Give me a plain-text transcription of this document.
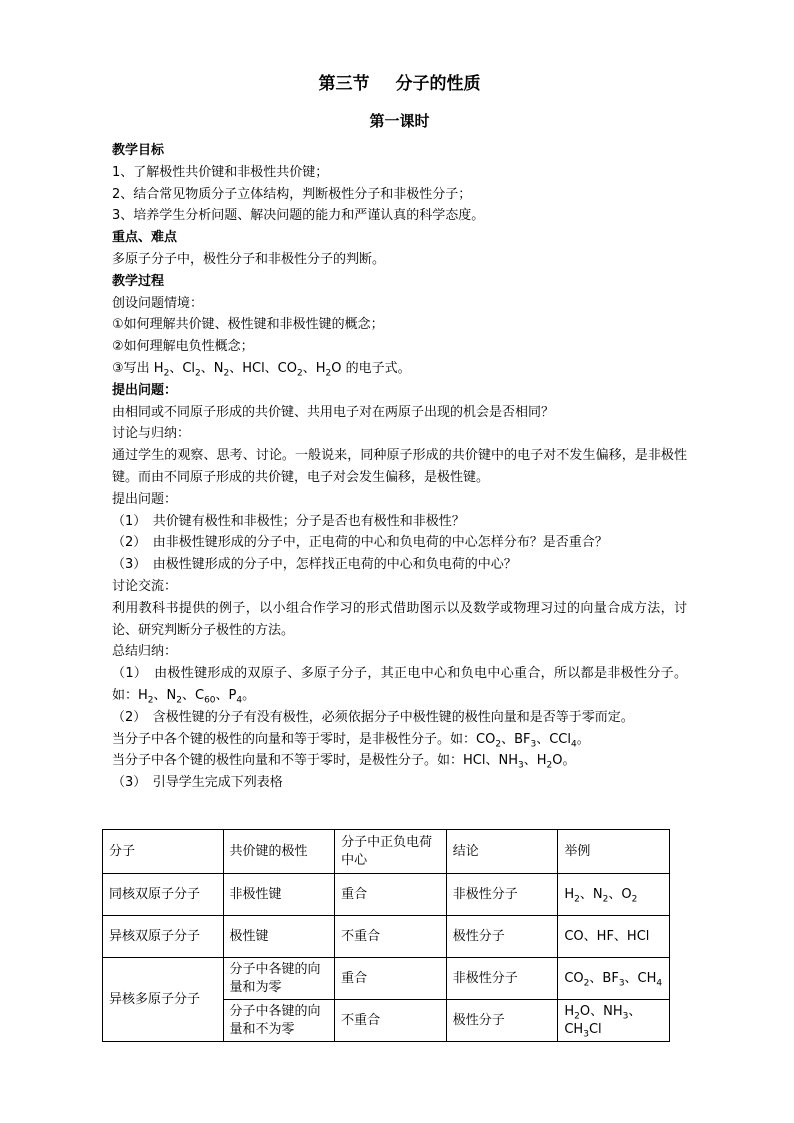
第三节 分子的性质
第一课时
教学目标
1、了解极性共价键和非极性共价键；
2、结合常见物质分子立体结构，判断极性分子和非极性分子；
3、培养学生分析问题、解决问题的能力和严谨认真的科学态度。
重点、难点
多原子分子中，极性分子和非极性分子的判断。
教学过程
创设问题情境：
①如何理解共价键、极性键和非极性键的概念；
②如何理解电负性概念；
③写出 $H_2$、$Cl_2$、$N_2$、HCl、$CO_2$、$H_2O$ 的电子式。
提出问题：
由相同或不同原子形成的共价键、共用电子对在两原子出现的机会是否相同？
讨论与归纳：
通过学生的观察、思考、讨论。一般说来，同种原子形成的共价键中的电子对不发生偏移，是非极性键。而由不同原子形成的共价键，电子对会发生偏移，是极性键。
提出问题：
（1）　共价键有极性和非极性；分子是否也有极性和非极性？
（2）　由非极性键形成的分子中，正电荷的中心和负电荷的中心怎样分布？是否重合？
（3）　由极性键形成的分子中，怎样找正电荷的中心和负电荷的中心？
讨论交流：
利用教科书提供的例子，以小组合作学习的形式借助图示以及数学或物理习过的向量合成方法，讨论、研究判断分子极性的方法。
总结归纳：
（1）　由极性键形成的双原子、多原子分子，其正电中心和负电中心重合，所以都是非极性分子。如：$H_2$、$N_2$、$C_{60}$、$P_4$。
（2）　含极性键的分子有没有极性，必须依据分子中极性键的极性向量和是否等于零而定。
当分子中各个键的极性的向量和等于零时，是非极性分子。如：$CO_2$、$BF_3$、CCl$_4$。
当分子中各个键的极性向量和不等于零时，是极性分子。如：HCl、$NH_3$、$H_2O$。
（3）　引导学生完成下列表格
分子	共价键的极性	分子中正负电荷中心	结论	举例
同核双原子分子	非极性键	重合	非极性分子	$H_2$、$N_2$、$O_2$
异核双原子分子	极性键	不重合	极性分子	CO、HF、HCl
异核多原子分子	分子中各键的向量和为零	重合	非极性分子	$CO_2$、$BF_3$、$CH_4$
	分子中各键的向量和不为零	不重合	极性分子	$H_2O$、$NH_3$、$CH_3Cl$
